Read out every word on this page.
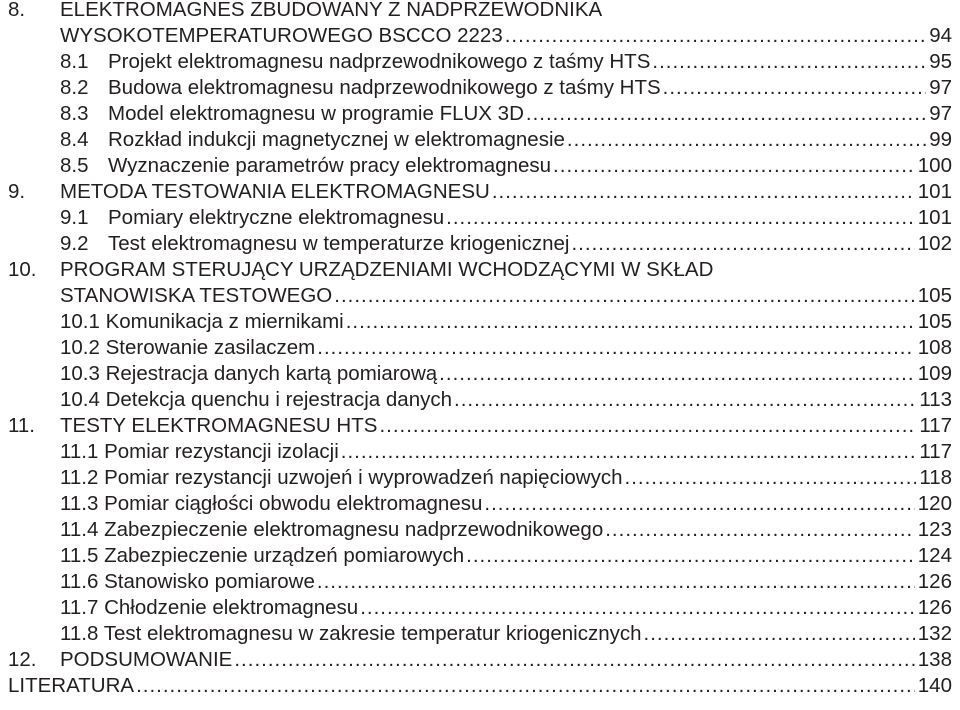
8.	ELEKTROMAGNES ZBUDOWANY Z NADPRZEWODNIKA
WYSOKOTEMPERATUROWEGO BSCCO 2223 .....	94
8.1 Projekt elektromagnesu nadprzewodnikowego z taśmy HTS .....	95
8.2 Budowa elektromagnesu nadprzewodnikowego z taśmy HTS .....	97
8.3 Model elektromagnesu w programie FLUX 3D .....	97
8.4 Rozkład indukcji magnetycznej w elektromagnesie .....	99
8.5 Wyznaczenie parametrów pracy elektromagnesu .....	100
9.	METODA TESTOWANIA ELEKTROMAGNESU .....	101
9.1 Pomiary elektryczne elektromagnesu .....	101
9.2 Test elektromagnesu w temperaturze kriogenicznej .....	102
10.	PROGRAM STERUJĄCY URZĄDZENIAMI WCHODZĄCYMI W SKŁAD
STANOWISKA TESTOWEGO .....	105
10.1 Komunikacja z miernikami .....	105
10.2 Sterowanie zasilaczem .....	108
10.3 Rejestracja danych kartą pomiarową .....	109
10.4 Detekcja quenchu i rejestracja danych .....	113
11.	TESTY ELEKTROMAGNESU HTS .....	117
11.1 Pomiar rezystancji izolacji .....	117
11.2 Pomiar rezystancji uzwojeń i wyprowadzeń napięciowych .....	118
11.3 Pomiar ciągłości obwodu elektromagnesu .....	120
11.4 Zabezpieczenie elektromagnesu nadprzewodnikowego .....	123
11.5 Zabezpieczenie urządzeń pomiarowych .....	124
11.6 Stanowisko pomiarowe .....	126
11.7 Chłodzenie elektromagnesu .....	126
11.8 Test elektromagnesu w zakresie temperatur kriogenicznych .....	132
12.	PODSUMOWANIE .....	138
LITERATURA .....	140
